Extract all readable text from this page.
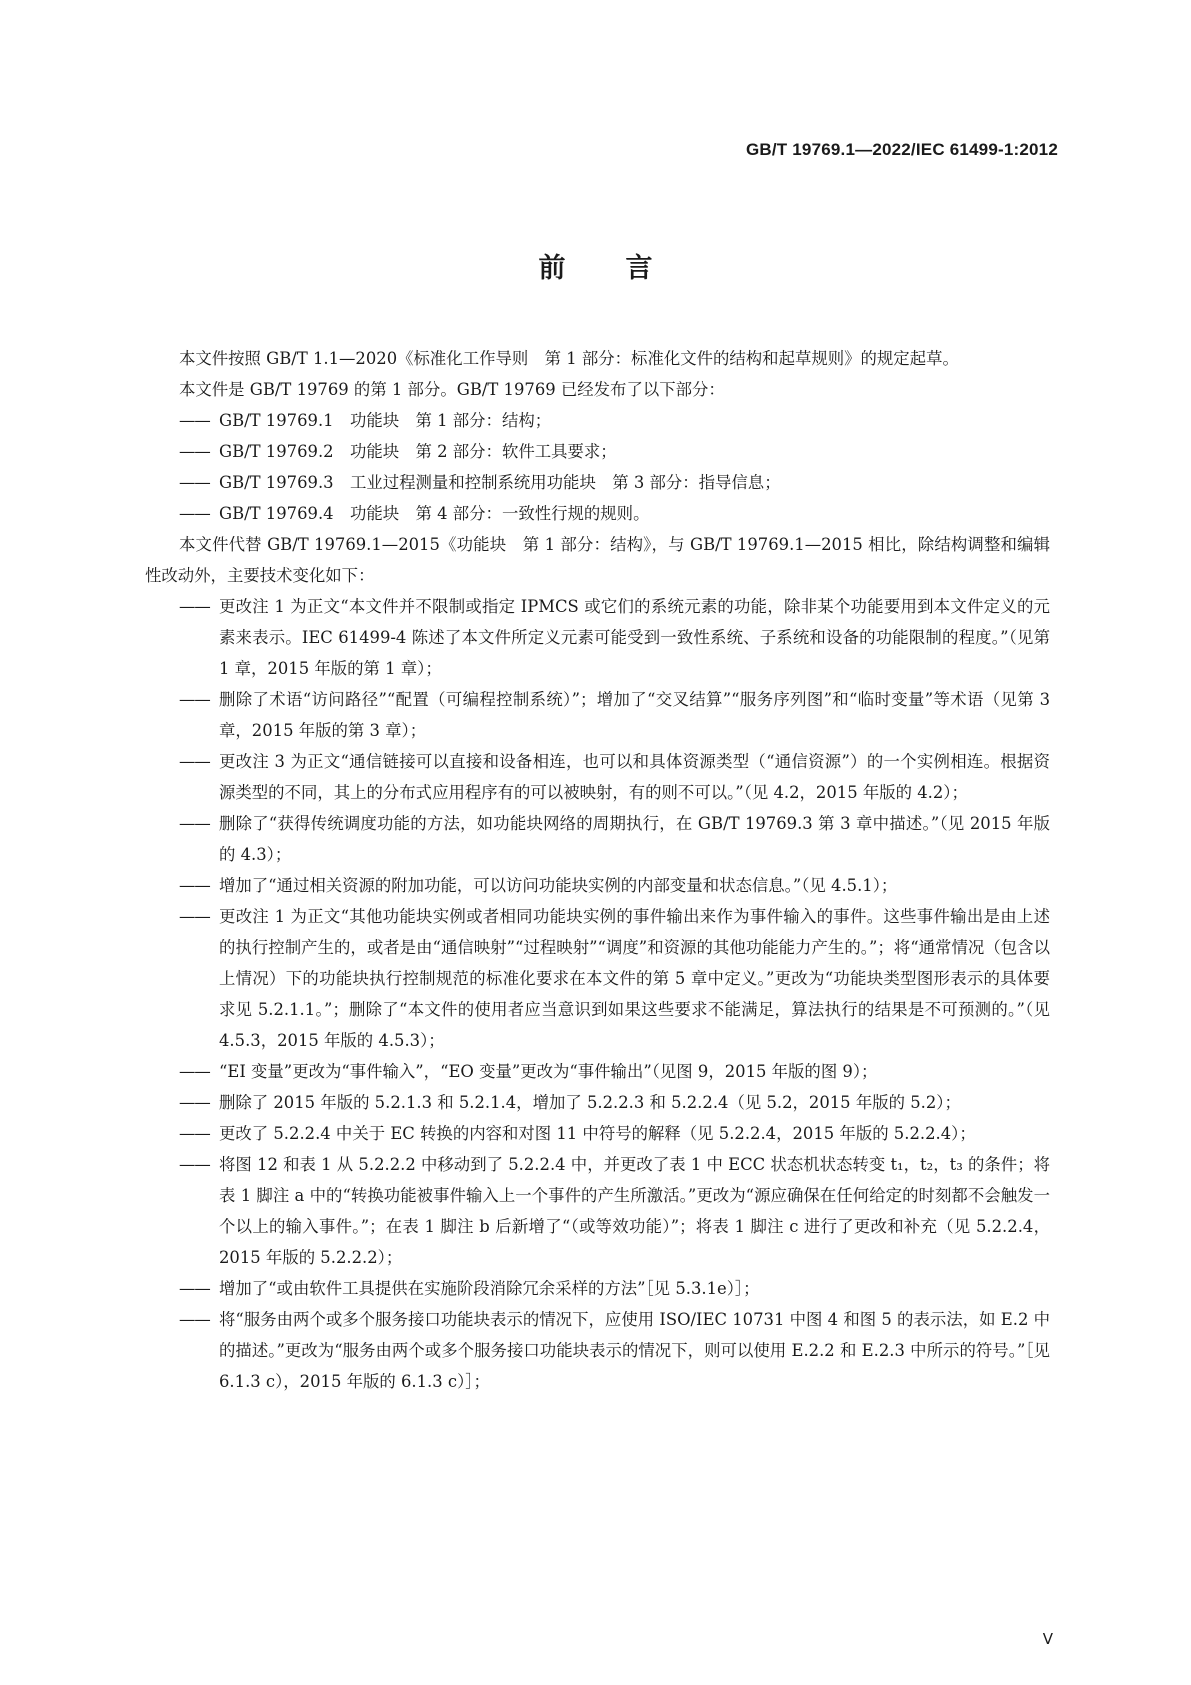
GB/T 19769.1—2022/IEC 61499-1:2012
前言

本文件按照 GB/T 1.1—2020《标准化工作导则　第 1 部分：标准化文件的结构和起草规则》的规定起草。

本文件是 GB/T 19769 的第 1 部分。GB/T 19769 已经发布了以下部分：

—— GB/T 19769.1　功能块　第 1 部分：结构；

—— GB/T 19769.2　功能块　第 2 部分：软件工具要求；

—— GB/T 19769.3　工业过程测量和控制系统用功能块　第 3 部分：指导信息；

—— GB/T 19769.4　功能块　第 4 部分：一致性行规的规则。

本文件代替 GB/T 19769.1—2015《功能块　第 1 部分：结构》，与 GB/T 19769.1—2015 相比，除结构调整和编辑性改动外，主要技术变化如下：

—— 更改注 1 为正文“本文件并不限制或指定 IPMCS 或它们的系统元素的功能，除非某个功能要用到本文件定义的元素来表示。IEC 61499-4 陈述了本文件所定义元素可能受到一致性系统、子系统和设备的功能限制的程度。”（见第 1 章，2015 年版的第 1 章）；

—— 删除了术语“访问路径”“配置（可编程控制系统）”；增加了“交叉结算”“服务序列图”和“临时变量”等术语（见第 3 章，2015 年版的第 3 章）；

—— 更改注 3 为正文“通信链接可以直接和设备相连，也可以和具体资源类型（“通信资源”）的一个实例相连。根据资源类型的不同，其上的分布式应用程序有的可以被映射，有的则不可以。”（见 4.2，2015 年版的 4.2）；

—— 删除了“获得传统调度功能的方法，如功能块网络的周期执行，在 GB/T 19769.3 第 3 章中描述。”（见 2015 年版的 4.3）；

—— 增加了“通过相关资源的附加功能，可以访问功能块实例的内部变量和状态信息。”（见 4.5.1）；

—— 更改注 1 为正文“其他功能块实例或者相同功能块实例的事件输出来作为事件输入的事件。这些事件输出是由上述的执行控制产生的，或者是由“通信映射”“过程映射”“调度”和资源的其他功能能力产生的。”；将“通常情况（包含以上情况）下的功能块执行控制规范的标准化要求在本文件的第 5 章中定义。”更改为“功能块类型图形表示的具体要求见 5.2.1.1。”；删除了“本文件的使用者应当意识到如果这些要求不能满足，算法执行的结果是不可预测的。”（见 4.5.3，2015 年版的 4.5.3）；

—— “EI 变量”更改为“事件输入”，“EO 变量”更改为“事件输出”（见图 9，2015 年版的图 9）；

—— 删除了 2015 年版的 5.2.1.3 和 5.2.1.4，增加了 5.2.2.3 和 5.2.2.4（见 5.2，2015 年版的 5.2）；

—— 更改了 5.2.2.4 中关于 EC 转换的内容和对图 11 中符号的解释（见 5.2.2.4，2015 年版的 5.2.2.4）；

—— 将图 12 和表 1 从 5.2.2.2 中移动到了 5.2.2.4 中，并更改了表 1 中 ECC 状态机状态转变 t₁，t₂，t₃ 的条件；将表 1 脚注 a 中的“转换功能被事件输入上一个事件的产生所激活。”更改为“源应确保在任何给定的时刻都不会触发一个以上的输入事件。”；在表 1 脚注 b 后新增了“（或等效功能）”；将表 1 脚注 c 进行了更改和补充（见 5.2.2.4，2015 年版的 5.2.2.2）；

—— 增加了“或由软件工具提供在实施阶段消除冗余采样的方法”［见 5.3.1e）］；

—— 将“服务由两个或多个服务接口功能块表示的情况下，应使用 ISO/IEC 10731 中图 4 和图 5 的表示法，如 E.2 中的描述。”更改为“服务由两个或多个服务接口功能块表示的情况下，则可以使用 E.2.2 和 E.2.3 中所示的符号。”［见 6.1.3 c），2015 年版的 6.1.3 c）］；

Ⅴ
